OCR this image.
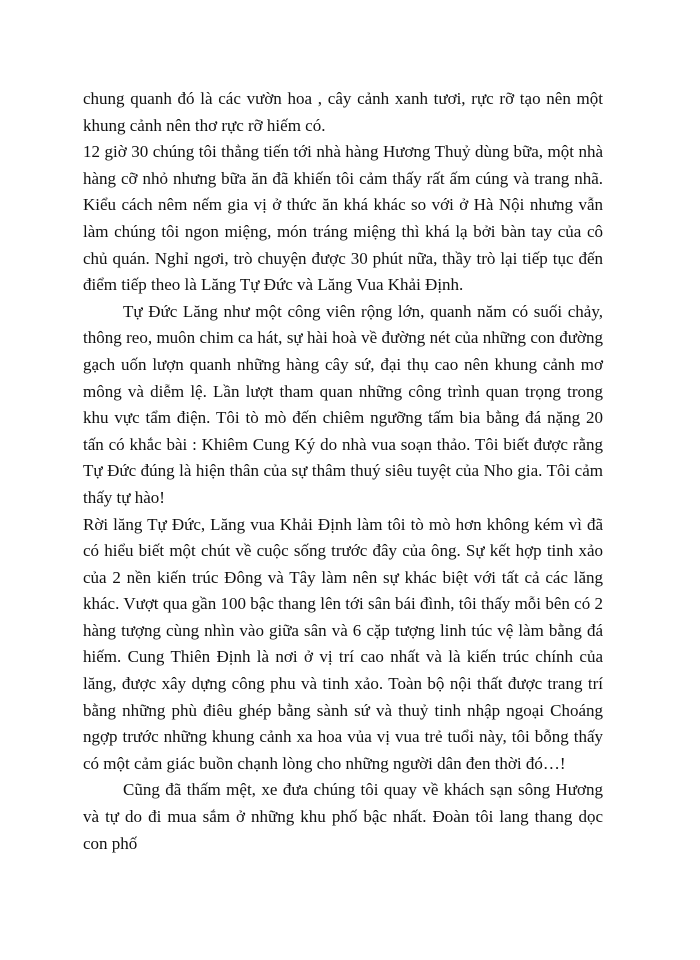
chung quanh đó là các vườn hoa , cây cảnh xanh tươi, rực rỡ tạo nên một khung cảnh nên thơ rực rỡ hiếm có.

12 giờ 30 chúng tôi thẳng tiến tới nhà hàng Hương Thuỷ dùng bữa, một nhà hàng cỡ nhỏ nhưng bữa ăn đã khiến tôi cảm thấy rất ấm cúng và trang nhã. Kiểu cách nêm nếm gia vị ở thức ăn khá khác so với ở Hà Nội nhưng vẫn làm chúng tôi ngon miệng, món tráng miệng thì khá lạ bởi bàn tay của cô chủ quán. Nghỉ ngơi, trò chuyện được 30 phút nữa, thầy trò lại tiếp tục đến điểm tiếp theo là Lăng Tự Đức và Lăng Vua Khải Định.

Tự Đức Lăng như một công viên rộng lớn, quanh năm có suối chảy, thông reo, muôn chim ca hát, sự hài hoà về đường nét của những con đường gạch uốn lượn quanh những hàng cây sứ, đại thụ cao nên khung cảnh mơ mông và diễm lệ. Lần lượt tham quan những công trình quan trọng trong khu vực tẩm điện. Tôi tò mò đến chiêm ngưỡng tấm bia bằng đá nặng 20 tấn có khắc bài : Khiêm Cung Ký do nhà vua soạn thảo. Tôi biết được rằng Tự Đức đúng là hiện thân của sự thâm thuý siêu tuyệt của Nho gia. Tôi cảm thấy tự hào!

Rời lăng Tự Đức, Lăng vua Khải Định làm tôi tò mò hơn không kém vì đã có hiểu biết một chút về cuộc sống trước đây của ông. Sự kết hợp tinh xảo của 2 nền kiến trúc Đông và Tây làm nên sự khác biệt với tất cả các lăng khác. Vượt qua gần 100 bậc thang lên tới sân bái đình, tôi thấy mỗi bên có 2 hàng tượng cùng nhìn vào giữa sân và 6 cặp tượng linh túc vệ làm bằng đá hiếm. Cung Thiên Định là nơi ở vị trí cao nhất và là kiến trúc chính của lăng, được xây dựng công phu và tinh xảo. Toàn bộ nội thất được trang trí bằng những phù điêu ghép bằng sành sứ và thuỷ tinh nhập ngoại Choáng ngợp trước những khung cảnh xa hoa vủa vị vua trẻ tuổi này, tôi bỗng thấy có một cảm giác buồn chạnh lòng cho những người dân đen thời đó…!

Cũng đã thấm mệt, xe đưa chúng tôi quay về khách sạn sông Hương và tự do đi mua sắm ở những khu phố bậc nhất. Đoàn tôi lang thang dọc con phố
